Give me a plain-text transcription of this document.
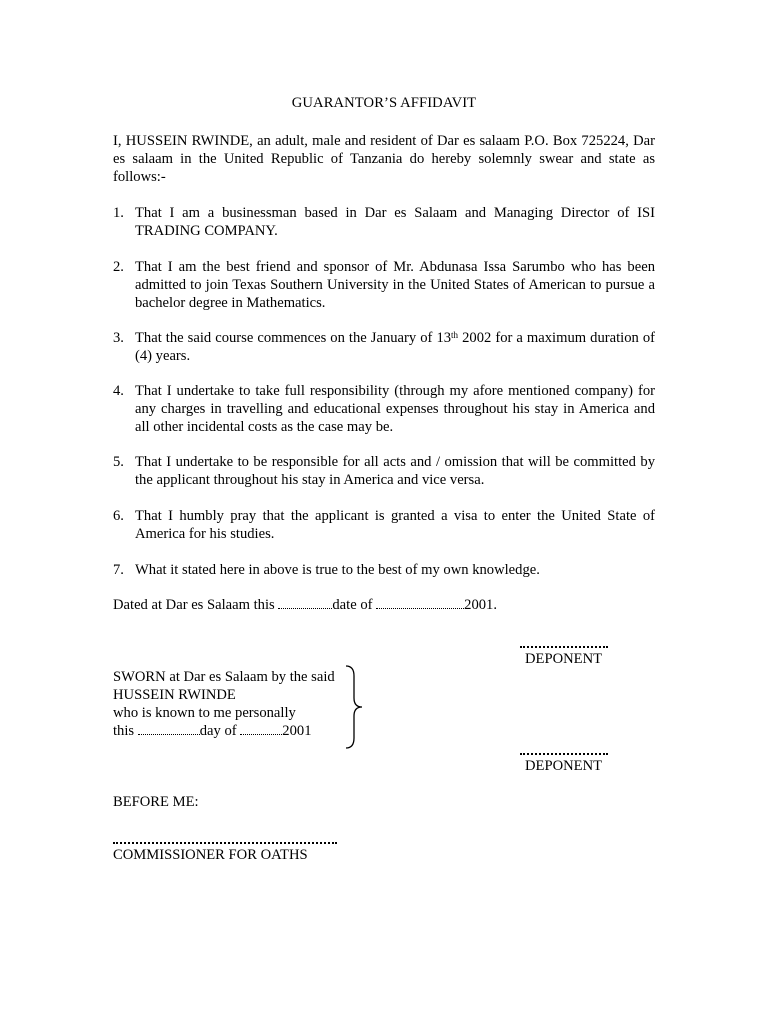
GUARANTOR’S AFFIDAVIT

I, HUSSEIN RWINDE, an adult, male and resident of Dar es salaam P.O. Box 725224, Dar es salaam in the United Republic of Tanzania do hereby solemnly swear and state as follows:-

1. That I am a businessman based in Dar es Salaam and Managing Director of ISI TRADING COMPANY.
2. That I am the best friend and sponsor of Mr. Abdunasa Issa Sarumbo who has been admitted to join Texas Southern University in the United States of American to pursue a bachelor degree in Mathematics.
3. That the said course commences on the January of 13th 2002 for a maximum duration of (4) years.
4. That I undertake to take full responsibility (through my afore mentioned company) for any charges in travelling and educational expenses throughout his stay in America and all other incidental costs as the case may be.
5. That I undertake to be responsible for all acts and / omission that will be committed by the applicant throughout his stay in America and vice versa.
6. That I humbly pray that the applicant is granted a visa to enter the United State of America for his studies.
7. What it stated here in above is true to the best of my own knowledge.
Dated at Dar es Salaam this	date of	2001.
DEPONENT
SWORN at Dar es Salaam by the said
HUSSEIN RWINDE
who is known to me personally
this	day of	2001
DEPONENT
BEFORE ME:
COMMISSIONER FOR OATHS
